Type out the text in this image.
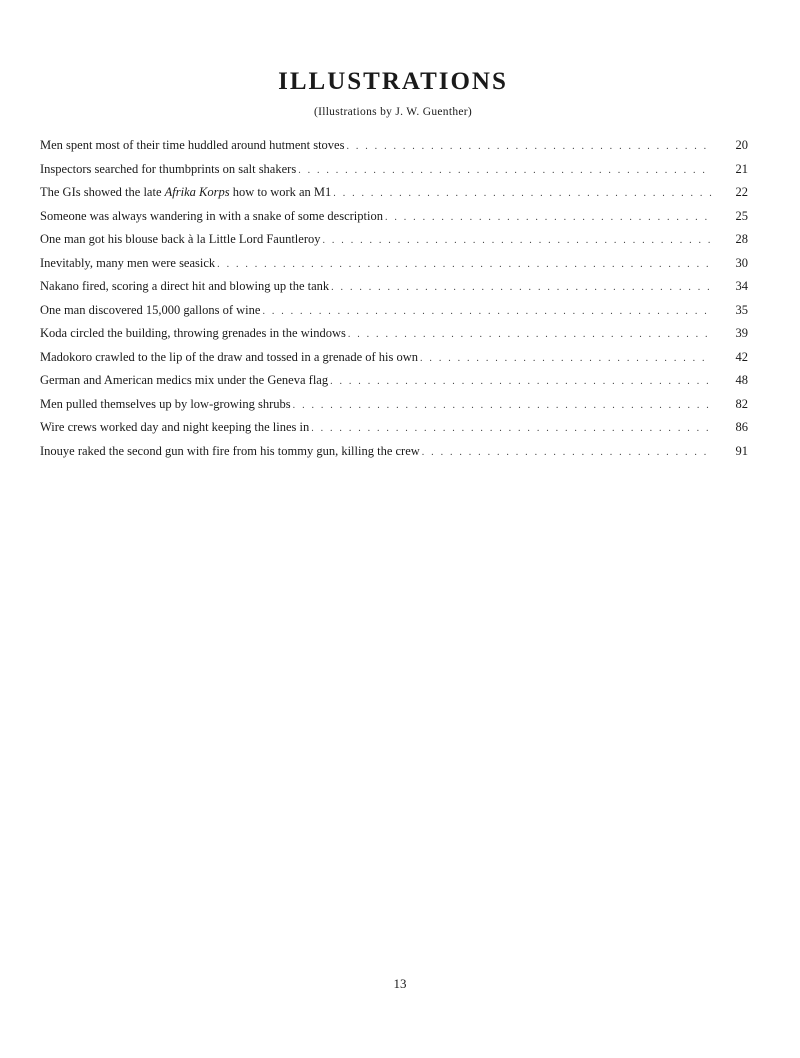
ILLUSTRATIONS
(Illustrations by J. W. Guenther)
Men spent most of their time huddled around hutment stoves . . .	20
Inspectors searched for thumbprints on salt shakers . . .	21
The GIs showed the late Afrika Korps how to work an M1 . . .	22
Someone was always wandering in with a snake of some description . . .	25
One man got his blouse back à la Little Lord Fauntleroy . . .	28
Inevitably, many men were seasick . . .	30
Nakano fired, scoring a direct hit and blowing up the tank . . .	34
One man discovered 15,000 gallons of wine . . .	35
Koda circled the building, throwing grenades in the windows . . .	39
Madokoro crawled to the lip of the draw and tossed in a grenade of his own . . .	42
German and American medics mix under the Geneva flag . . .	48
Men pulled themselves up by low-growing shrubs . . .	82
Wire crews worked day and night keeping the lines in . . .	86
Inouye raked the second gun with fire from his tommy gun, killing the crew . . .	91
13
